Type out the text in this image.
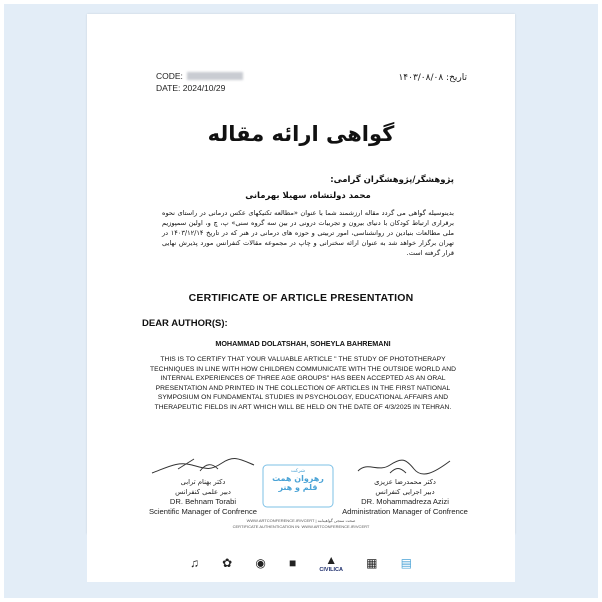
CODE:
DATE: 2024/10/29
تاریخ: ۱۴۰۳/۰۸/۰۸
گواهی ارائه مقاله
پژوهشگر/پژوهشگران گرامی:
محمد دولتشاه، سهیلا بهرمانی
بدینوسیله گواهی می گردد مقاله ارزشمند شما با عنوان «مطالعه تکنیکهای عکس درمانی در راستای نحوه برقراری ارتباط کودکان با دنیای بیرون و تجربیات درونی در بین سه گروه سنی» پ، چ و، اولین سمپوزیم ملی مطالعات بنیادین در روانشناسی، امور تربیتی و حوزه های درمانی در هنر که در تاریخ ۱۴۰۳/۱۲/۱۴ در تهران برگزار خواهد شد به عنوان ارائه سخنرانی و چاپ در مجموعه مقالات کنفرانس مورد پذیرش نهایی قرار گرفته است.
CERTIFICATE OF ARTICLE PRESENTATION
DEAR AUTHOR(S):
MOHAMMAD DOLATSHAH, SOHEYLA BAHREMANI
THIS IS TO CERTIFY THAT YOUR VALUABLE ARTICLE " THE STUDY OF PHOTOTHERAPY TECHNIQUES IN LINE WITH HOW CHILDREN COMMUNICATE WITH THE OUTSIDE WORLD AND INTERNAL EXPERIENCES OF THREE AGE GROUPS" HAS BEEN ACCEPTED AS AN ORAL PRESENTATION AND PRINTED IN THE COLLECTION OF ARTICLES IN THE FIRST NATIONAL SYMPOSIUM ON FUNDAMENTAL STUDIES IN PSYCHOLOGY, EDUCATIONAL AFFAIRS AND THERAPEUTIC FIELDS IN ART WHICH WILL BE HELD ON THE DATE OF 4/3/2025 IN TEHRAN.
دکتر بهنام ترابی
دبیر علمی کنفرانس
DR. Behnam Torabi
Scientific Manager of Confrence
شرکت
رهروان همت
قلم و هنر
دکتر محمدرضا عزیزی
دبیر اجرایی کنفرانس
DR. Mohammadreza Azizi
Administration Manager of Confrence
WWW.ARTCONFERENCE.IR/VCERT | صحت سنجی گواهینامه
CERTIFICATE AUTHENTICATION IN: WWW.ARTCONFERENCE.IR/VCERT
♫ ✿ ◉ ■ ▲
CIVILICA ▦ ▤
